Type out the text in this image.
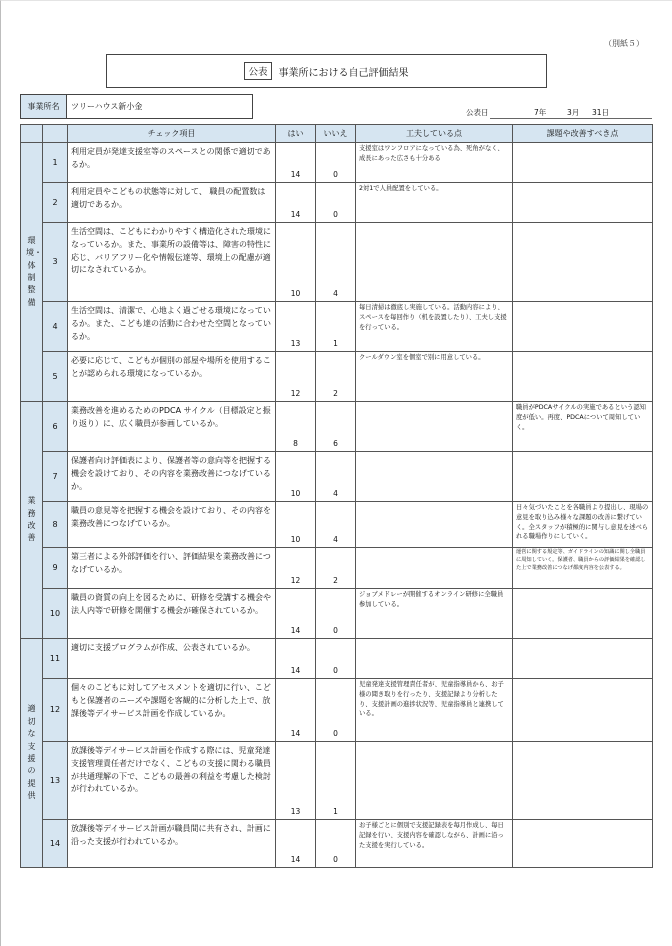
（別紙５）
公表	事業所における自己評価結果
事業所名	ツリーハウス新小金
公表日	7年	3月 31日
		チェック項目	はい	いいえ	工夫している点	課題や改善すべき点
環境・体制整備	1	利用定員が発達支援室等のスペースとの関係で適切であるか。	14	0	支援室はワンフロアになっている為、死角がなく、成長にあった広さも十分ある	
	2	利用定員やこどもの状態等に対して、 職員の配置数は適切であるか。	14	0	2対1で人員配置をしている。	
	3	生活空間は、こどもにわかりやすく構造化された環境になっているか。また、事業所の設備等は、障害の特性に応じ、バリアフリー化や情報伝達等、環境上の配慮が適切になされているか。	10	4		
	4	生活空間は、清潔で、心地よく過ごせる環境になっているか。また、こども達の活動に合わせた空間となっているか。	13	1	毎日清掃は徹底し実施している。活動内容により、スペースを毎回作り（机を設置したり）、工夫し支援を行っている。	
	5	必要に応じて、こどもが個別の部屋や場所を使用することが認められる環境になっているか。	12	2	クールダウン室を個室で別に用意している。	
業務改善	6	業務改善を進めるためのPDCA サイクル（目標設定と振り返り）に、広く職員が参画しているか。	8	6		職員がPDCAサイクルの実施であるという認知度が低い。再度、PDCAについて周知していく。
	7	保護者向け評価表により、保護者等の意向等を把握する機会を設けており、その内容を業務改善につなげているか。	10	4		
	8	職員の意見等を把握する機会を設けており、その内容を業務改善につなげているか。	10	4		日々気づいたことを各職員より提出し、現場の意見を取り込み様々な課題の改善に繋げていく。全スタッフが積極的に関与し意見を述べられる職場作りにしていく。
	9	第三者による外部評価を行い、評価結果を業務改善につなげているか。	12	2		運営に関する規定等、ガイドラインの知識に関し全職員に周知していく。保護者、職員からの評価結果を確認した上で業務改善につなげ都度内容を公表する。
	10	職員の資質の向上を図るために、研修を受講する機会や法人内等で研修を開催する機会が確保されているか。	14	0	ジョブメドレーが開催するオンライン研修に全職員参加している。	
適切な支援の提供	11	適切に支援プログラムが作成、公表されているか。	14	0		
	12	個々のこどもに対してアセスメントを適切に行い、こどもと保護者のニーズや課題を客観的に分析した上で、放課後等デイサービス計画を作成しているか。	14	0	児童発達支援管理責任者が、児童指導員から、お子様の聞き取りを行ったり、支援記録より分析したり、支援計画の進捗状況等、児童指導員と連携している。	
	13	放課後等デイサービス計画を作成する際には、児童発達支援管理責任者だけでなく、こどもの支援に関わる職員が共通理解の下で、こどもの最善の利益を考慮した検討が行われているか。	13	1		
	14	放課後等デイサービス計画が職員間に共有され、計画に沿った支援が行われているか。	14	0	お子様ごとに個別で支援記録表を毎月作成し、毎日記録を行い、支援内容を確認しながら、計画に沿った支援を実行している。	
